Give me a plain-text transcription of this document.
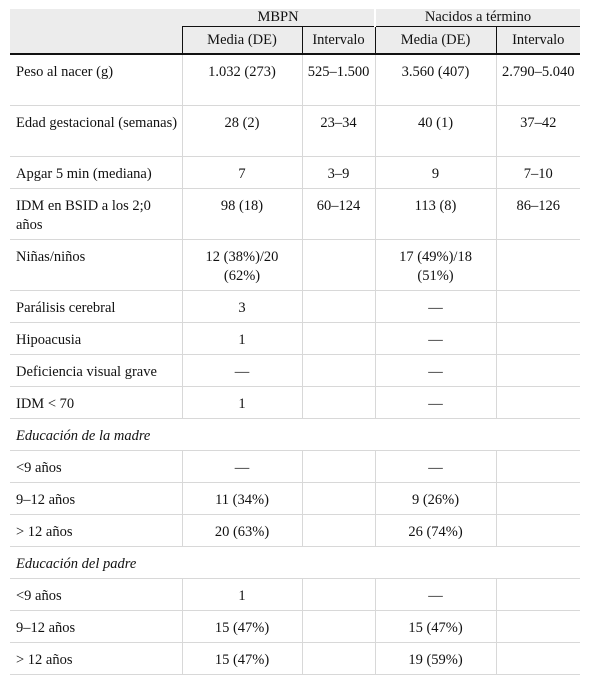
	MBPN		Nacidos a término	
	Media (DE)	Intervalo	Media (DE)	Intervalo
Peso al nacer (g)	1.032 (273)	525–1.500	3.560 (407)	2.790–5.040
Edad gestacional (semanas)	28 (2)	23–34	40 (1)	37–42
Apgar 5 min (mediana)	7	3–9	9	7–10
IDM en BSID a los 2;0 años	98 (18)	60–124	113 (8)	86–126
Niñas/niños	12 (38%)/20 (62%)		17 (49%)/18 (51%)	
Parálisis cerebral	3		—	
Hipoacusia	1		—	
Deficiencia visual grave	—		—	
IDM < 70	1		—	
Educación de la madre				
<9 años	—		—	
9–12 años	11 (34%)		9 (26%)	
> 12 años	20 (63%)		26 (74%)	
Educación del padre				
<9 años	1		—	
9–12 años	15 (47%)		15 (47%)	
> 12 años	15 (47%)		19 (59%)	
